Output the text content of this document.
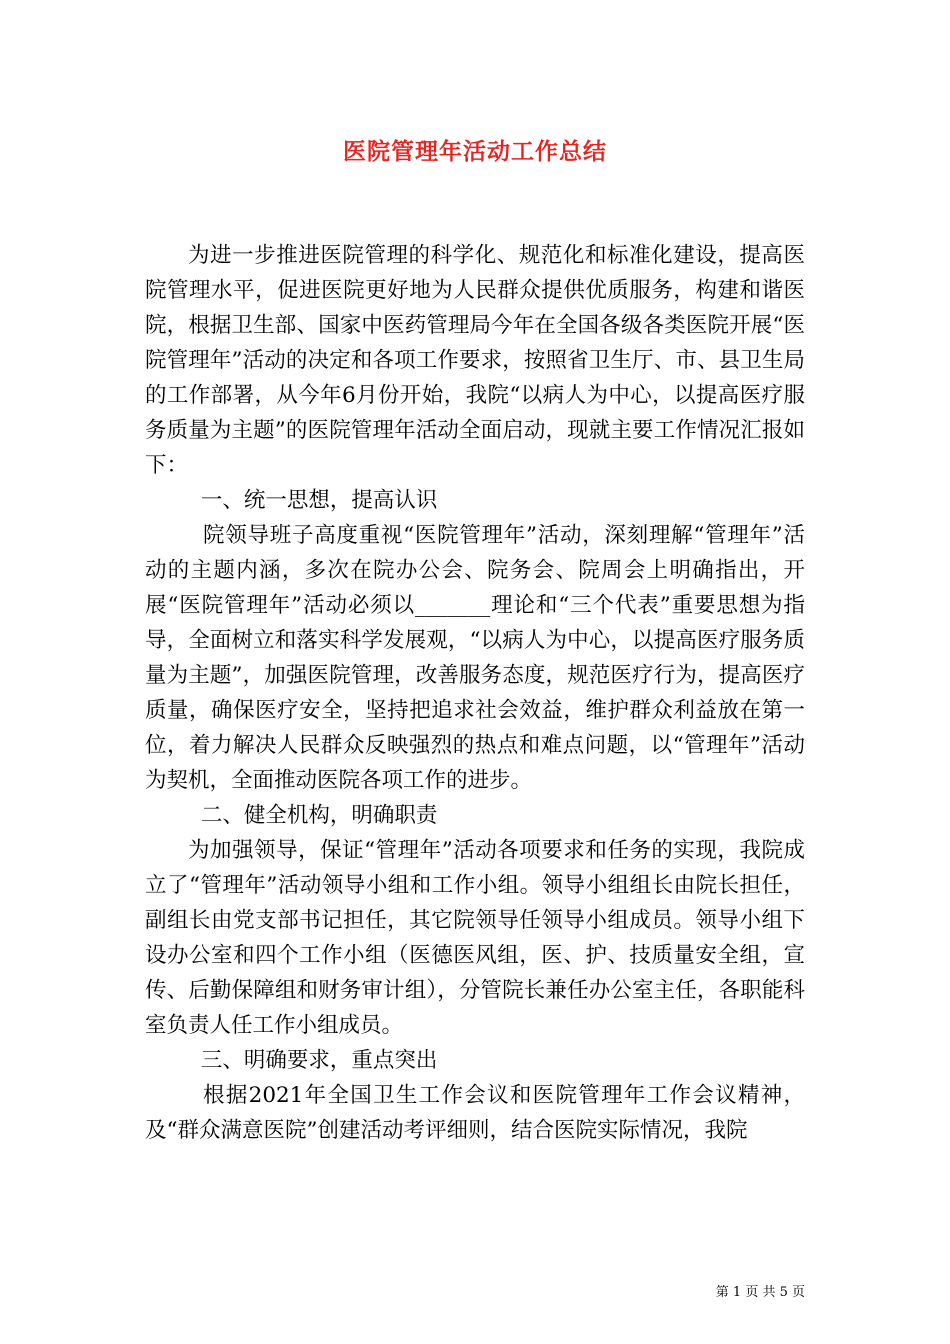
医院管理年活动工作总结

为进一步推进医院管理的科学化、规范化和标准化建设，提高医院管理水平，促进医院更好地为人民群众提供优质服务，构建和谐医院，根据卫生部、国家中医药管理局今年在全国各级各类医院开展“医院管理年”活动的决定和各项工作要求，按照省卫生厅、市、县卫生局的工作部署，从今年6月份开始，我院“以病人为中心，以提高医疗服务质量为主题”的医院管理年活动全面启动，现就主要工作情况汇报如下：

一、统一思想，提高认识

院领导班子高度重视“医院管理年”活动，深刻理解“管理年”活动的主题内涵，多次在院办公会、院务会、院周会上明确指出，开展“医院管理年”活动必须以_______理论和“三个代表”重要思想为指导，全面树立和落实科学发展观，“以病人为中心，以提高医疗服务质量为主题”，加强医院管理，改善服务态度，规范医疗行为，提高医疗质量，确保医疗安全，坚持把追求社会效益，维护群众利益放在第一位，着力解决人民群众反映强烈的热点和难点问题，以“管理年”活动为契机，全面推动医院各项工作的进步。

二、健全机构，明确职责

为加强领导，保证“管理年”活动各项要求和任务的实现，我院成立了“管理年”活动领导小组和工作小组。领导小组组长由院长担任，副组长由党支部书记担任，其它院领导任领导小组成员。领导小组下设办公室和四个工作小组（医德医风组，医、护、技质量安全组，宣传、后勤保障组和财务审计组），分管院长兼任办公室主任，各职能科室负责人任工作小组成员。

三、明确要求，重点突出

根据2021年全国卫生工作会议和医院管理年工作会议精神，及“群众满意医院”创建活动考评细则，结合医院实际情况，我院

第 1 页 共 5 页
